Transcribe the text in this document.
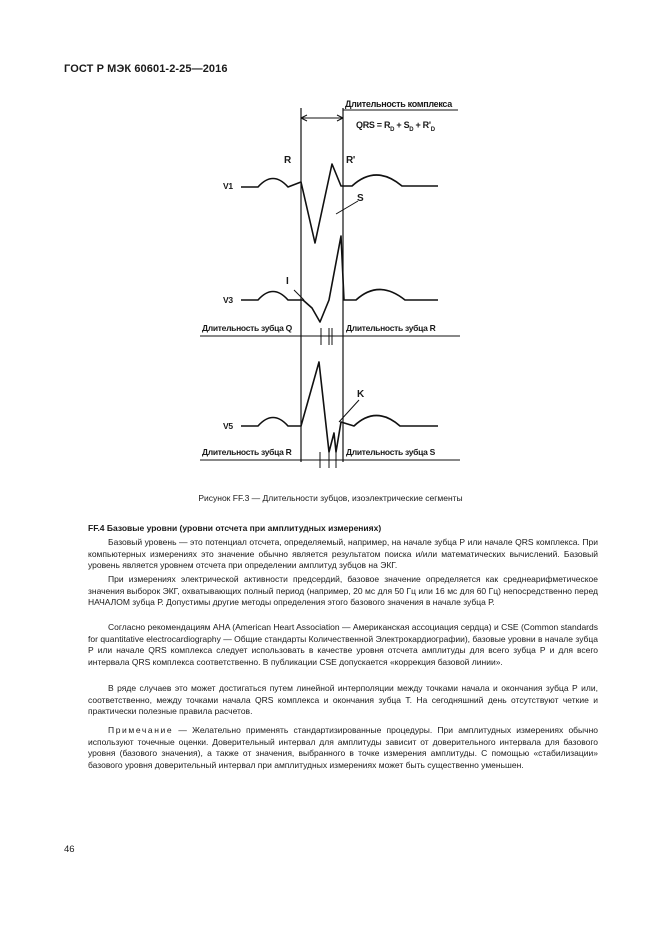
ГОСТ Р МЭК 60601-2-25—2016
Длительность комплекса
QRS = $R_D + S_D + R'_D$
V1
V3
V5
R	R'
S
I
K
Длительность зубца Q	Длительность зубца R
Длительность зубца R	Длительность зубца S
Рисунок FF.3 — Длительности зубцов, изоэлектрические сегменты
FF.4 Базовые уровни (уровни отсчета при амплитудных измерениях)

Базовый уровень — это потенциал отсчета, определяемый, например, на начале зубца Р или начале QRS комплекса. При компьютерных измерениях это значение обычно является результатом поиска и/или математических вычислений. Базовый уровень является уровнем отсчета при определении амплитуд зубцов на ЭКГ.

При измерениях электрической активности предсердий, базовое значение определяется как среднеарифметическое значения выборок ЭКГ, охватывающих полный период (например, 20 мс для 50 Гц или 16 мс для 60 Гц) непосредственно перед НАЧАЛОМ зубца Р. Допустимы другие методы определения этого базового значения в начале зубца Р.

Согласно рекомендациям AHA (American Heart Association — Американская ассоциация сердца) и CSE (Common standards for quantitative electrocardiography — Общие стандарты Количественной Электрокардиографии), базовые уровни в начале зубца Р или начале QRS комплекса следует использовать в качестве уровня отсчета амплитуды для всего зубца Р и для всего интервала QRS комплекса соответственно. В публикации CSE допускается «коррекция базовой линии».

В ряде случаев это может достигаться путем линейной интерполяции между точками начала и окончания зубца Р или, соответственно, между точками начала QRS комплекса и окончания зубца Т. На сегодняшний день отсутствуют четкие и практически полезные правила расчетов.

Примечание — Желательно применять стандартизированные процедуры. При амплитудных измерениях обычно используют точечные оценки. Доверительный интервал для амплитуды зависит от доверительного интервала для базового уровня (базового значения), а также от значения, выбранного в точке измерения амплитуды. С помощью «стабилизации» базового уровня доверительный интервал при амплитудных измерениях может быть существенно уменьшен.

46
